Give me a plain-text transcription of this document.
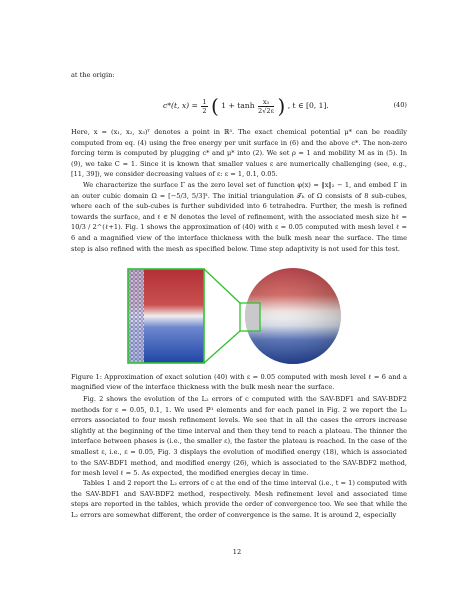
at the origin:

c*(t, $x) = \frac{1}{2}$ ( $1 + \tanh \frac{\text{x₃}}{2√2\varepsilon}$ ) , t ∈ [0, 1].	(40)

Here, x = (x₁, x₂, x₃)ᵀ denotes a point in ℝ³. The exact chemical potential μ* can be readily computed from eq. (4) using the free energy per unit surface in (6) and the above c*. The non-zero forcing term is computed by plugging c* and μ* into (2). We set ρ = 1 and mobility M as in (5). In (9), we take C = 1. Since it is known that smaller values ε are numerically challenging (see, e.g., [11, 39]), we consider decreasing values of ε: ε = 1, 0.1, 0.05.

We characterize the surface Γ as the zero level set of function φ(x) = ‖x‖₂ − 1, and embed Γ in an outer cubic domain Ω = [−5/3, 5/3]³. The initial triangulation 𝒯ₕ of Ω consists of 8 sub-cubes, where each of the sub-cubes is further subdivided into 6 tetrahedra. Further, the mesh is refined towards the surface, and ℓ ∈ ℕ denotes the level of refinement, with the associated mesh size hℓ = 10/3 / 2^(ℓ+1). Fig. 1 shows the approximation of (40) with ε = 0.05 computed with mesh level ℓ = 6 and a magnified view of the interface thickness with the bulk mesh near the surface. The time step is also refined with the mesh as specified below. Time step adaptivity is not used for this test.

Figure 1: Approximation of exact solution (40) with ε = 0.05 computed with mesh level ℓ = 6 and a magnified view of the interface thickness with the bulk mesh near the surface.

Fig. 2 shows the evolution of the L₂ errors of c computed with the SAV-BDF1 and SAV-BDF2 methods for ε = 0.05, 0.1, 1. We used ℙ¹ elements and for each panel in Fig. 2 we report the L₂ errors associated to four mesh refinement levels. We see that in all the cases the errors increase slightly at the beginning of the time interval and then they tend to reach a plateau. The thinner the interface between phases is (i.e., the smaller ε), the faster the plateau is reached. In the case of the smallest ε, i.e., ε = 0.05, Fig. 3 displays the evolution of modified energy (18), which is associated to the SAV-BDF1 method, and modified energy (26), which is associated to the SAV-BDF2 method, for mesh level ℓ = 5. As expected, the modified energies decay in time.

Tables 1 and 2 report the L₂ errors of c at the end of the time interval (i.e., t = 1) computed with the SAV-BDF1 and SAV-BDF2 method, respectively. Mesh refinement level and associated time steps are reported in the tables, which provide the order of convergence too. We see that while the L₂ errors are somewhat different, the order of convergence is the same. It is around 2, especially

12
